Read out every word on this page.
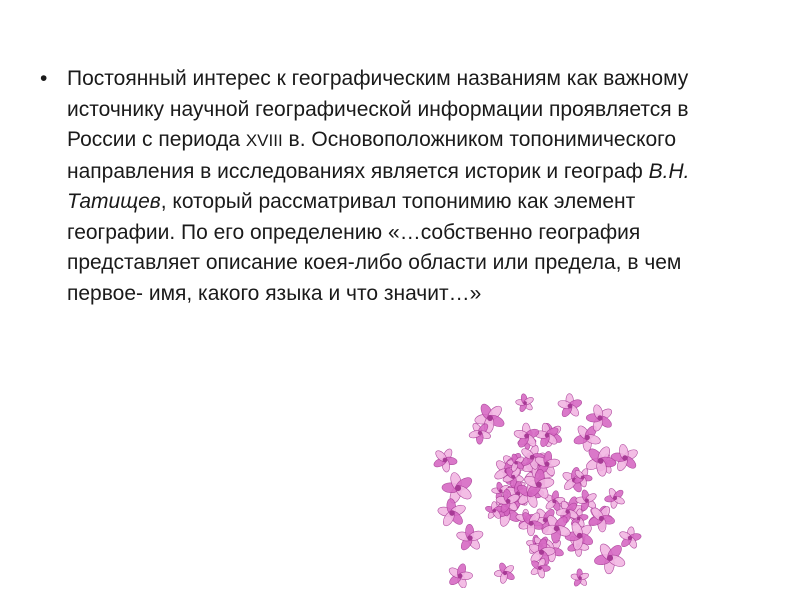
• Постоянный интерес к географическим названиям как важному источнику научной географической информации проявляется в России с периода XVIII в. Основоположником топонимического направления в исследованиях является историк и географ В.Н. Татищев, который рассматривал топонимию как элемент географии. По его определению «…собственно география представляет описание коея-либо области или предела, в чем первое- имя, какого языка и что значит…»
